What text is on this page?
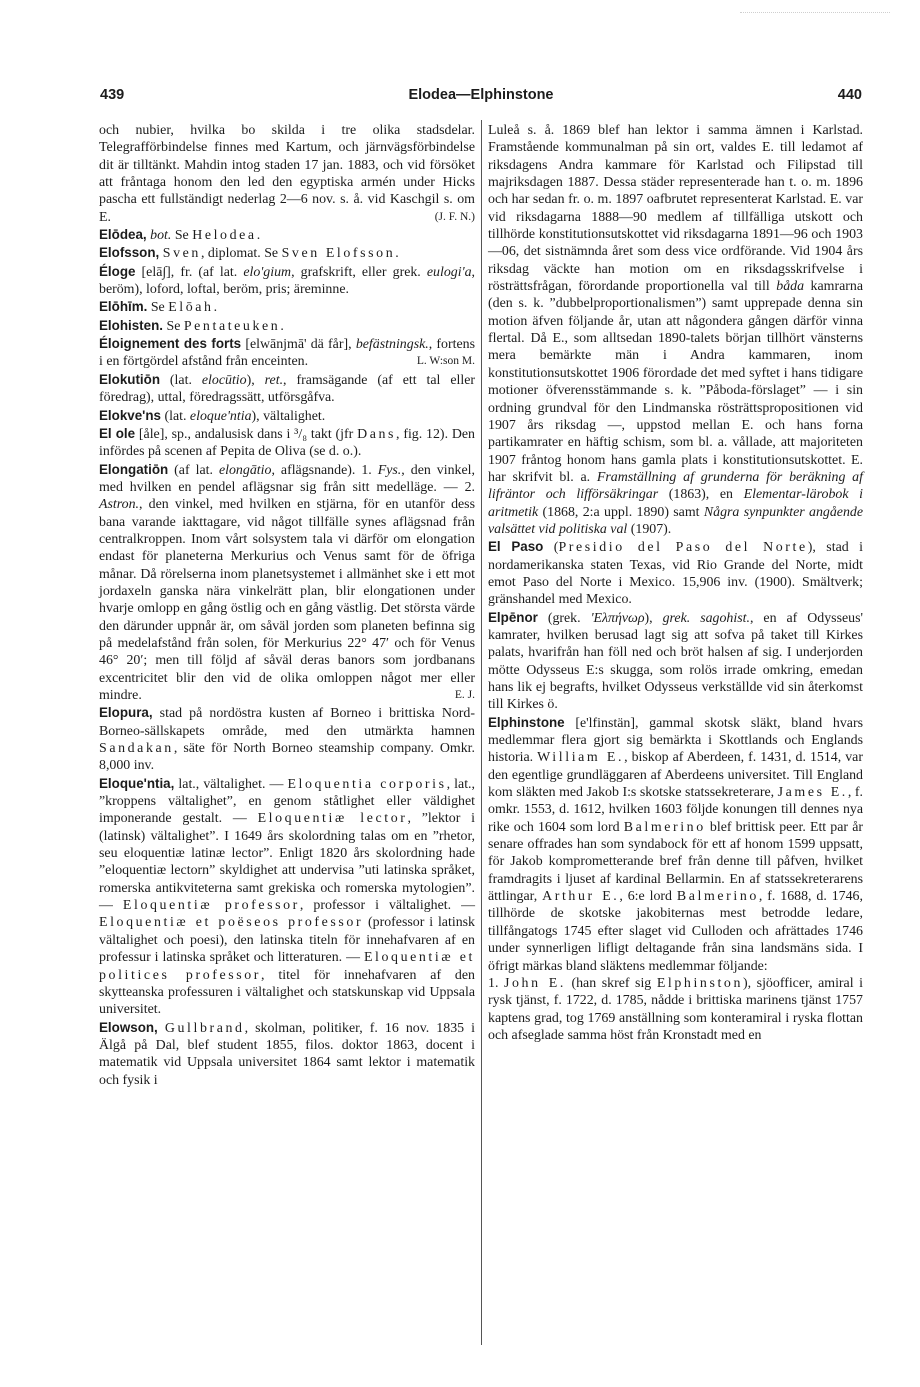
439	Elodea—Elphinstone	440

och nubier, hvilka bo skilda i tre olika stadsdelar. Telegrafförbindelse finnes med Kartum, och järnvägsförbindelse dit är tilltänkt. Mahdin intog staden 17 jan. 1883, och vid försöket att fråntaga honom den led den egyptiska armén under Hicks pascha ett fullständigt nederlag 2—6 nov. s. å. vid Kaschgil s. om E.	(J. F. N.)

Elōdea, bot. Se Helodea.

Elofsson, Sven, diplomat. Se Sven Elofsson.

Éloge [elā∫], fr. (af lat. elo'gium, grafskrift, eller grek. eulogi'a, beröm), loford, loftal, beröm, pris; äreminne.

Elōhīm. Se Elōah.

Elohisten. Se Pentateuken.

Éloignement des forts [elwānjmā' dä får], befästningsk., fortens i en förtgördel afstånd från enceinten.	L. W:son M.

Elokutiōn (lat. elocūtio), ret., framsägande (af ett tal eller föredrag), uttal, föredragssätt, utförsgåfva.

Elokve'ns (lat. eloque'ntia), vältalighet.

El ole [åle], sp., andalusisk dans i ³/₈ takt (jfr Dans, fig. 12). Den infördes på scenen af Pepita de Oliva (se d. o.).

Elongatiōn (af lat. elongātio, aflägsnande). 1. Fys., den vinkel, med hvilken en pendel aflägsnar sig från sitt medelläge. — 2. Astron., den vinkel, med hvilken en stjärna, för en utanför dess bana varande iakttagare, vid något tillfälle synes aflägsnad från centralkroppen. Inom vårt solsystem tala vi därför om elongation endast för planeterna Merkurius och Venus samt för de öfriga månar. Då rörelserna inom planetsystemet i allmänhet ske i ett mot jordaxeln ganska nära vinkelrätt plan, blir elongationen under hvarje omlopp en gång östlig och en gång västlig. Det största värde den därunder uppnår är, om såväl jorden som planeten befinna sig på medelafstånd från solen, för Merkurius 22° 47′ och för Venus 46° 20′; men till följd af såväl deras banors som jordbanans excentricitet blir den vid de olika omloppen något mer eller mindre.	E. J.

Elopura, stad på nordöstra kusten af Borneo i brittiska Nord-Borneo-sällskapets område, med den utmärkta hamnen Sandakan, säte för North Borneo steamship company. Omkr. 8,000 inv.

Eloque'ntia, lat., vältalighet. — Eloquentia corporis, lat., ”kroppens vältalighet”, en genom ståtlighet eller väldighet imponerande gestalt. — Eloquentiæ lector, ”lektor i (latinsk) vältalighet”. I 1649 års skolordning talas om en ”rhetor, seu eloquentiæ latinæ lector”. Enligt 1820 års skolordning hade ”eloquentiæ lectorn” skyldighet att undervisa ”uti latinska språket, romerska antikviteterna samt grekiska och romerska mytologien”. — Eloquentiæ professor, professor i vältalighet. — Eloquentiæ et poëseos professor (professor i latinsk vältalighet och poesi), den latinska titeln för innehafvaren af en professur i latinska språket och litteraturen. — Eloquentiæ et politices professor, titel för innehafvaren af den skytteanska professuren i vältalighet och statskunskap vid Uppsala universitet.

Elowson, Gullbrand, skolman, politiker, f. 16 nov. 1835 i Älgå på Dal, blef student 1855, filos. doktor 1863, docent i matematik vid Uppsala universitet 1864 samt lektor i matematik och fysik i

Luleå s. å. 1869 blef han lektor i samma ämnen i Karlstad. Framstående kommunalman på sin ort, valdes E. till ledamot af riksdagens Andra kammare för Karlstad och Filipstad till majriksdagen 1887. Dessa städer representerade han t. o. m. 1896 och har sedan fr. o. m. 1897 oafbrutet representerat Karlstad. E. var vid riksdagarna 1888—90 medlem af tillfälliga utskott och tillhörde konstitutionsutskottet vid riksdagarna 1891—96 och 1903—06, det sistnämnda året som dess vice ordförande. Vid 1904 års riksdag väckte han motion om en riksdagsskrifvelse i rösträttsfrågan, förordande proportionella val till båda kamrarna (den s. k. ”dubbelproportionalismen”) samt upprepade denna sin motion äfven följande år, utan att någondera gången därför vinna flertal. Då E., som alltsedan 1890-talets början tillhört vänsterns mera bemärkte män i Andra kammaren, inom konstitutionsutskottet 1906 förordade det med syftet i hans tidigare motioner öfverensstämmande s. k. ”Påboda-förslaget” — i sin ordning grundval för den Lindmanska rösträttspropositionen vid 1907 års riksdag —, uppstod mellan E. och hans forna partikamrater en häftig schism, som bl. a. vållade, att majoriteten 1907 fråntog honom hans gamla plats i konstitutionsutskottet. E. har skrifvit bl. a. Framställning af grunderna för beräkning af lifräntor och lifförsäkringar (1863), en Elementar-lärobok i aritmetik (1868, 2:a uppl. 1890) samt Några synpunkter angående valsättet vid politiska val (1907).

El Paso (Presidio del Paso del Norte), stad i nordamerikanska staten Texas, vid Rio Grande del Norte, midt emot Paso del Norte i Mexico. 15,906 inv. (1900). Smältverk; gränshandel med Mexico.

Elpēnor (grek. 'Ελπήνωρ), grek. sagohist., en af Odysseus' kamrater, hvilken berusad lagt sig att sofva på taket till Kirkes palats, hvarifrån han föll ned och bröt halsen af sig. I underjorden mötte Odysseus E:s skugga, som rolös irrade omkring, emedan hans lik ej begrafts, hvilket Odysseus verkställde vid sin återkomst till Kirkes ö.

Elphinstone [e'lfinstän], gammal skotsk släkt, bland hvars medlemmar flera gjort sig bemärkta i Skottlands och Englands historia. William E., biskop af Aberdeen, f. 1431, d. 1514, var den egentlige grundläggaren af Aberdeens universitet. Till England kom släkten med Jakob I:s skotske statssekreterare, James E., f. omkr. 1553, d. 1612, hvilken 1603 följde konungen till dennes nya rike och 1604 som lord Balmerino blef brittisk peer. Ett par år senare offrades han som syndabock för ett af honom 1599 uppsatt, för Jakob komprometterande bref från denne till påfven, hvilket framdragits i ljuset af kardinal Bellarmin. En af statssekreterarens ättlingar, Arthur E., 6:e lord Balmerino, f. 1688, d. 1746, tillhörde de skotske jakobiternas mest betrodde ledare, tillfångatogs 1745 efter slaget vid Culloden och afrättades 1746 under synnerligen lifligt deltagande från sina landsmäns sida. I öfrigt märkas bland släktens medlemmar följande:

1. John E. (han skref sig Elphinston), sjöofficer, amiral i rysk tjänst, f. 1722, d. 1785, nådde i brittiska marinens tjänst 1757 kaptens grad, tog 1769 anställning som konteramiral i ryska flottan och afseglade samma höst från Kronstadt med en
